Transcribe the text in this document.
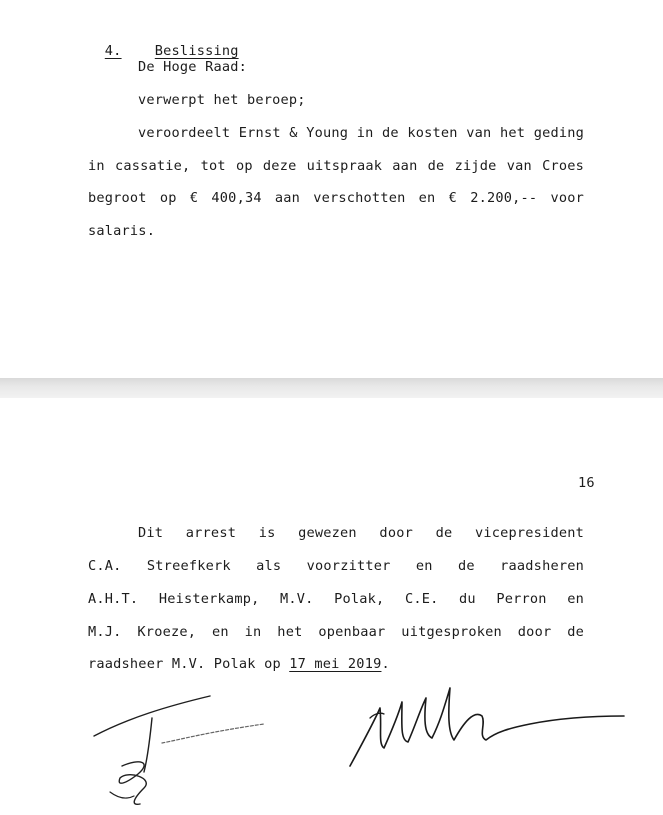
4. Beslissing

De Hoge Raad:
verwerpt het beroep;
veroordeelt Ernst & Young in de kosten van het geding
in cassatie, tot op deze uitspraak aan de zijde van Croes
begroot op € 400,34 aan verschotten en € 2.200,-- voor
salaris.
16
Dit arrest is gewezen door de vicepresident
C.A. Streefkerk als voorzitter en de raadsheren
A.H.T. Heisterkamp, M.V. Polak, C.E. du Perron en
M.J. Kroeze, en in het openbaar uitgesproken door de
raadsheer M.V. Polak op 17 mei 2019.
